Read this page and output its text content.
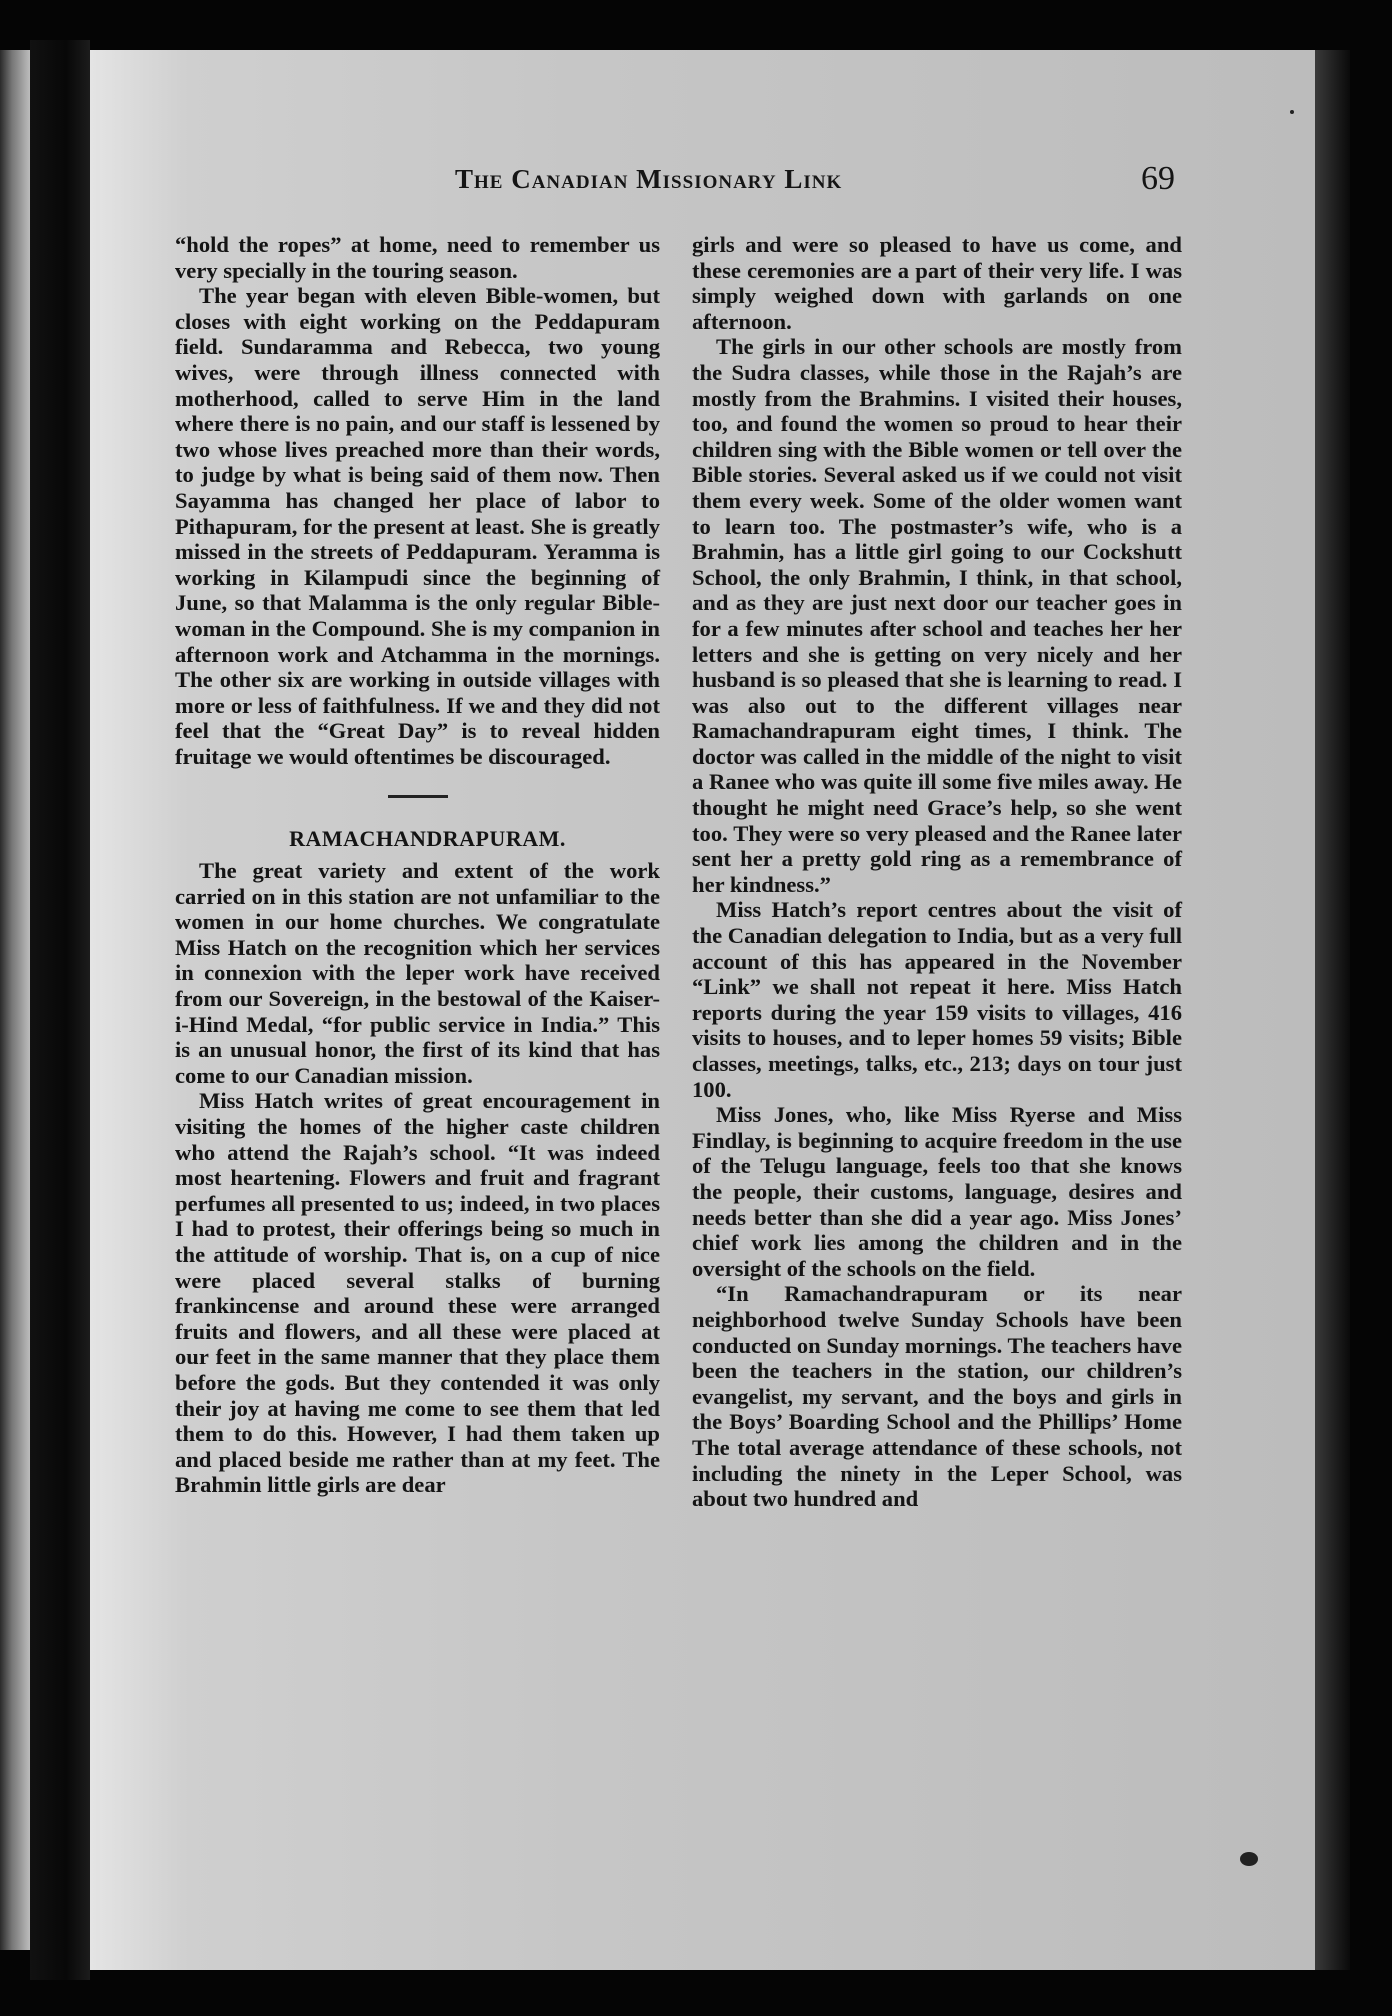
The Canadian Missionary Link	69

“hold the ropes” at home, need to remember us very specially in the touring season.

The year began with eleven Bible-women, but closes with eight working on the Peddapuram field. Sundaramma and Rebecca, two young wives, were through illness connected with motherhood, called to serve Him in the land where there is no pain, and our staff is lessened by two whose lives preached more than their words, to judge by what is being said of them now. Then Sayamma has changed her place of labor to Pithapuram, for the present at least. She is greatly missed in the streets of Peddapuram. Yeramma is working in Kilampudi since the beginning of June, so that Malamma is the only regular Bible-woman in the Compound. She is my companion in afternoon work and Atchamma in the mornings. The other six are working in outside villages with more or less of faithfulness. If we and they did not feel that the “Great Day” is to reveal hidden fruitage we would oftentimes be discouraged.

RAMACHANDRAPURAM.

The great variety and extent of the work carried on in this station are not unfamiliar to the women in our home churches. We congratulate Miss Hatch on the recognition which her services in connexion with the leper work have received from our Sovereign, in the bestowal of the Kaiser-i-Hind Medal, “for public service in India.” This is an unusual honor, the first of its kind that has come to our Canadian mission.

Miss Hatch writes of great encouragement in visiting the homes of the higher caste children who attend the Rajah’s school. “It was indeed most heartening. Flowers and fruit and fragrant perfumes all presented to us; indeed, in two places I had to protest, their offerings being so much in the attitude of worship. That is, on a cup of nice were placed several stalks of burning frankincense and around these were arranged fruits and flowers, and all these were placed at our feet in the same manner that they place them before the gods. But they contended it was only their joy at having me come to see them that led them to do this. However, I had them taken up and placed beside me rather than at my feet. The Brahmin little girls are dear

girls and were so pleased to have us come, and these ceremonies are a part of their very life. I was simply weighed down with garlands on one afternoon.

The girls in our other schools are mostly from the Sudra classes, while those in the Rajah’s are mostly from the Brahmins. I visited their houses, too, and found the women so proud to hear their children sing with the Bible women or tell over the Bible stories. Several asked us if we could not visit them every week. Some of the older women want to learn too. The postmaster’s wife, who is a Brahmin, has a little girl going to our Cockshutt School, the only Brahmin, I think, in that school, and as they are just next door our teacher goes in for a few minutes after school and teaches her her letters and she is getting on very nicely and her husband is so pleased that she is learning to read. I was also out to the different villages near Ramachandrapuram eight times, I think. The doctor was called in the middle of the night to visit a Ranee who was quite ill some five miles away. He thought he might need Grace’s help, so she went too. They were so very pleased and the Ranee later sent her a pretty gold ring as a remembrance of her kindness.”

Miss Hatch’s report centres about the visit of the Canadian delegation to India, but as a very full account of this has appeared in the November “Link” we shall not repeat it here. Miss Hatch reports during the year 159 visits to villages, 416 visits to houses, and to leper homes 59 visits; Bible classes, meetings, talks, etc., 213; days on tour just 100.

Miss Jones, who, like Miss Ryerse and Miss Findlay, is beginning to acquire freedom in the use of the Telugu language, feels too that she knows the people, their customs, language, desires and needs better than she did a year ago. Miss Jones’ chief work lies among the children and in the oversight of the schools on the field.

“In Ramachandrapuram or its near neighborhood twelve Sunday Schools have been conducted on Sunday mornings. The teachers have been the teachers in the station, our children’s evangelist, my servant, and the boys and girls in the Boys’ Boarding School and the Phillips’ Home The total average attendance of these schools, not including the ninety in the Leper School, was about two hundred and
